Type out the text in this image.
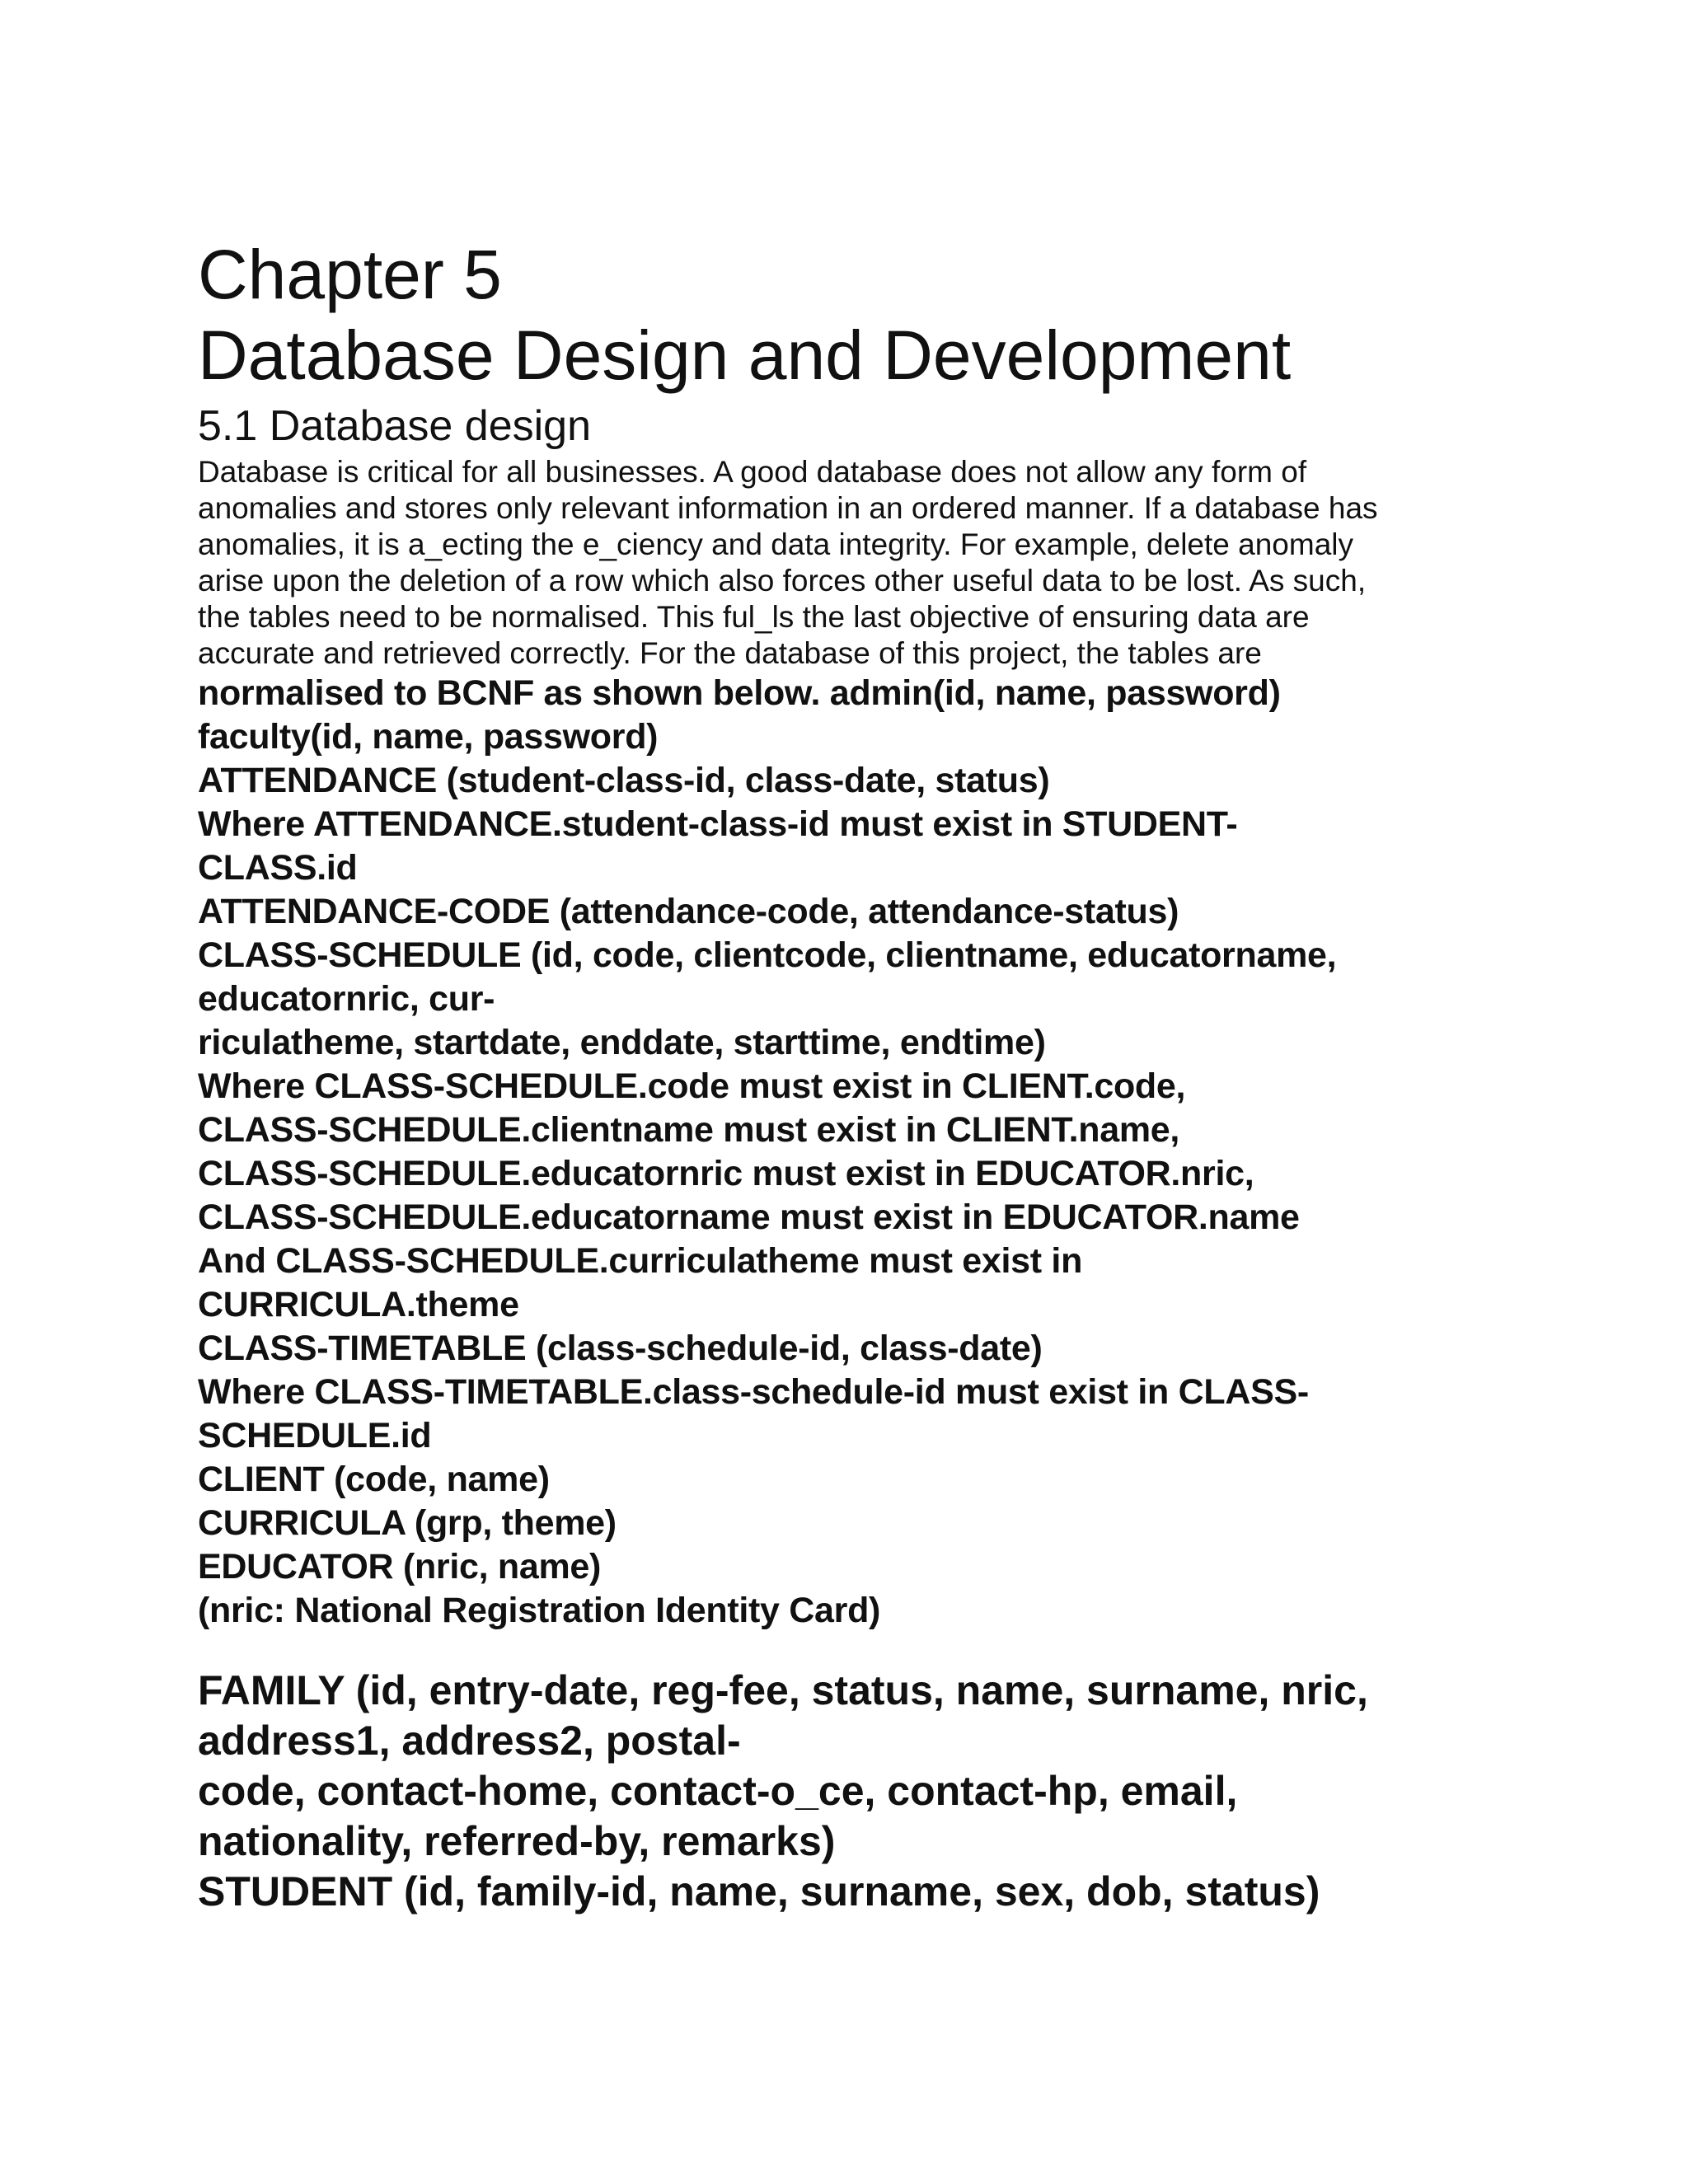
Chapter 5
Database Design and Development
5.1 Database design

Database is critical for all businesses. A good database does not allow any form of
anomalies and stores only relevant information in an ordered manner. If a database has
anomalies, it is a_ecting the e_ciency and data integrity. For example, delete anomaly
arise upon the deletion of a row which also forces other useful data to be lost. As such,
the tables need to be normalised. This ful_ls the last objective of ensuring data are
accurate and retrieved correctly. For the database of this project, the tables are

normalised to BCNF as shown below. admin(id, name, password)
faculty(id, name, password)
ATTENDANCE (student-class-id, class-date, status)
Where ATTENDANCE.student-class-id must exist in STUDENT-
CLASS.id
ATTENDANCE-CODE (attendance-code, attendance-status)
CLASS-SCHEDULE (id, code, clientcode, clientname, educatorname,
educatornric, cur-
riculatheme, startdate, enddate, starttime, endtime)
Where CLASS-SCHEDULE.code must exist in CLIENT.code,
CLASS-SCHEDULE.clientname must exist in CLIENT.name,
CLASS-SCHEDULE.educatornric must exist in EDUCATOR.nric,
CLASS-SCHEDULE.educatorname must exist in EDUCATOR.name
And CLASS-SCHEDULE.curriculatheme must exist in
CURRICULA.theme
CLASS-TIMETABLE (class-schedule-id, class-date)
Where CLASS-TIMETABLE.class-schedule-id must exist in CLASS-
SCHEDULE.id
CLIENT (code, name)
CURRICULA (grp, theme)
EDUCATOR (nric, name)
(nric: National Registration Identity Card)
FAMILY (id, entry-date, reg-fee, status, name, surname, nric,
address1, address2, postal-
code, contact-home, contact-o_ce, contact-hp, email,
nationality, referred-by, remarks)
STUDENT (id, family-id, name, surname, sex, dob, status)
